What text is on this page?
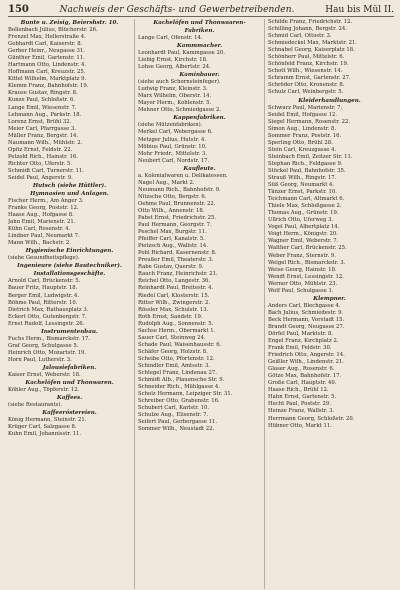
150	Nachweis der Geschäfts- und Gewerbetreibenden.	Hau bis Mül II.
Bunte u. Zeisig, Beiershstr. 10.
Bollenbach Julius, Blücherstr. 26.
Frenzel Max, Hellerstraße 4.
Gebhardt Carl, Kaiserstr. 8.
Gerber Heinr., Neugasse 31.
Günther Emil, Gartenstr. 11.
Hartmann Otto, Lindenstr. 4.
Hoffmann Carl, Kreuzstr. 25.
Kittel Wilhelm, Marktplatz 9.
Klemm Franz, Bahnhofstr. 19.
Krause Gustav, Ringstr. 8.
Kunze Paul, Schloßstr. 6.
Lange Emil, Wiesenstr. 7.
Lehmann Aug., Parkstr. 18.
Lorenz Ernst, Brühl 32.
Meier Carl, Pfarrgasse 3.
Müller Franz, Bergstr. 14.
Naumann Wilh., Mühlstr. 2.
Opitz Ernst, Feldstr. 22.
Petzold Rich., Hainstr. 16.
Richter Otto, Uferstr. 5.
Schmidt Carl, Turnerstr. 11.
Seidel Paul, Angerstr. 9.
Hutsch (siehe Hüttler).
Hymnasien und Anlagen.
Fischer Herm., Am Anger 3.
Franke Georg, Poststr. 12.
Haase Aug., Hofgasse 8.
Jahn Emil, Marienstr. 21.
Kühn Carl, Rosenstr. 4.
Lindner Paul, Neumarkt 7.
Mann Wilh., Bachstr. 2.
Hygienische Einrichtungen.
(siehe Gesundheitspflege).
Ingenieure (siehe Bautechniker).
Installationsgeschäfte.
Arnold Carl, Brückenstr. 5.
Bauer Fritz, Hauptstr. 18.
Berger Emil, Ludwigstr. 4.
Böhme Paul, Ritterstr. 10.
Dietrich Max, Rathausplatz 3.
Eckert Otto, Gutenbergstr. 7.
Ernst Rudolf, Lessingstr. 26.
Instrumentenbau.
Fuchs Herm., Bismarckstr. 17.
Graf Georg, Schulgasse 5.
Heinrich Otto, Mozartstr. 19.
Horn Paul, Lutherstr. 3.
Jalousiefabriken.
Kaiser Ernst, Weberstr. 18.
Kachelöfen und Thonwaren.
Köhler Aug., Töpferstr. 12.
Kaffees.
(siehe Restaurants).
Kaffeeröstereien.
König Hermann, Steinstr. 21.
Krüger Carl, Salzgasse 8.
Kuhn Emil, Johannisstr. 11.
Kachelöfen und Thonwaaren-
Fabriken.
Lange Carl, Ofenstr. 14.
Kammmacher.
Leonhardt Paul, Kammgasse 20.
Liebig Ernst, Kirchstr. 18.
Lohse Georg, Albertstr. 24.
Kaminbauer.
(siehe auch Schornsteinfeger).
Ludwig Franz, Kleinstr. 3.
Marx Wilhelm, Oberstr. 14.
Mayer Herm., Kohlenstr. 5.
Mehner Otto, Schmiedgasse 2.
Kappenfabriken.
(siehe Mützenfabriken).
Merkel Carl, Webergasse 6.
Metzger Julius, Hutstr. 4.
Möbius Paul, Grünstr. 10.
Mohr Friedr., Mittelstr. 3.
Neubert Carl, Nordstr. 17.
Kaufleute.
a. Kolonialwaren u. Delikatessen.
Nagel Aug., Markt 2.
Neumann Rich., Bahnhofstr. 9.
Nitzsche Otto, Bergstr. 6.
Oehme Paul, Brunnenstr. 22.
Otto Wilh., Annenstr. 18.
Pabst Ernst, Friedrichstr. 25.
Paul Hermann, Georgstr. 7.
Peschel Max, Burgstr. 11.
Pfeiffer Carl, Kanalstr. 5.
Pietzsch Aug., Wallstr. 14.
Pohl Richard, Kasernenstr. 8.
Preußer Emil, Theaterstr. 3.
Rabe Gustav, Querstr. 9.
Rauch Franz, Heinrichstr. 21.
Reichel Otto, Langestr. 36.
Reinhardt Paul, Breitestr. 4.
Riedel Carl, Klosterstr. 15.
Ritter Wilh., Zwingerstr. 2.
Rössler Max, Schulstr. 13.
Roth Ernst, Sandstr. 19.
Rudolph Aug., Sonnenstr. 5.
Sachse Herm., Obermarkt 1.
Sauer Carl, Steinweg 24.
Schade Paul, Waisenhausstr. 6.
Schäfer Georg, Holzstr. 8.
Scheibe Otto, Pfortenstr. 12.
Schindler Emil, Amtsstr. 3.
Schlegel Franz, Lindenau 27.
Schmidt Alb., Plauensche Str. 9.
Schneider Rich., Mühlgasse 4.
Scholz Hermann, Leipziger Str. 31.
Schreiber Otto, Grabenstr. 16.
Schubert Carl, Karlstr. 10.
Schulze Aug., Elisenstr. 7.
Seifert Paul, Gerbergasse 11.
Sommer Wilh., Neustadt 22.
Schilde Franz, Friedrichstr. 12.
Schilling Johann, Bergstr. 24.
Schmid Carl, Ottostr. 3.
Schmiedeckel Max, Marktstr. 21.
Schnabel Georg, Kaiserplatz 18.
Schönherr Paul, Mittelstr. 6.
Schönfeld Franz, Kirchstr. 19.
Schott Wilh., Wiesenstr. 14.
Schramm Ernst, Gartenstr. 27.
Schröder Otto, Kronenstr. 8.
Schulz Carl, Weinbergstr. 5.
Kleiderhandlungen.
Schwarz Paul, Marienstr. 7.
Seidel Emil, Hofgasse 12.
Siegel Hermann, Rosenstr. 22.
Simon Aug., Lindenstr. 8.
Sommer Franz, Poststr. 16.
Sperling Otto, Brühl 28.
Stein Carl, Kreuzgasse 4.
Steinbach Emil, Zeitzer Str. 11.
Stephan Rich., Feldgasse 9.
Stöckel Paul, Bahnhofstr. 35.
Strauß Wilh., Ringstr. 17.
Süß Georg, Neumarkt 4.
Tänzer Ernst, Parkstr. 10.
Teichmann Carl, Altmarkt 6.
Thiele Max, Schloßgasse 2.
Thomas Aug., Grünstr. 19.
Ullrich Otto, Uferweg 3.
Vogel Paul, Albertplatz 14.
Voigt Herm., Königstr. 20.
Wagner Emil, Weberstr. 7.
Walther Carl, Brückenstr. 25.
Weber Franz, Sternstr. 9.
Weigel Rich., Bismarckstr. 3.
Weise Georg, Hainstr. 18.
Wendt Ernst, Lessingstr. 12.
Werner Otto, Mühlstr. 23.
Wolf Paul, Schulgasse 1.
Klempner.
Anders Carl, Blechgasse 4.
Bach Julius, Schmiedestr. 9.
Beck Hermann, Vorstadt 15.
Brandt Georg, Neugasse 27.
Dörfel Paul, Marktstr. 8.
Engel Franz, Kirchplatz 2.
Frank Emil, Feldstr. 30.
Friedrich Otto, Angerstr. 14.
Geißler Wilh., Lindenstr. 21.
Glaser Aug., Rosenstr. 6.
Götze Max, Bahnhofstr. 17.
Große Carl, Hauptstr. 40.
Haase Rich., Brühl 12.
Hahn Ernst, Gartenstr. 5.
Hecht Paul, Poststr. 29.
Heinze Franz, Wallstr. 3.
Herrmann Georg, Schloßstr. 20.
Hübner Otto, Markt 11.
